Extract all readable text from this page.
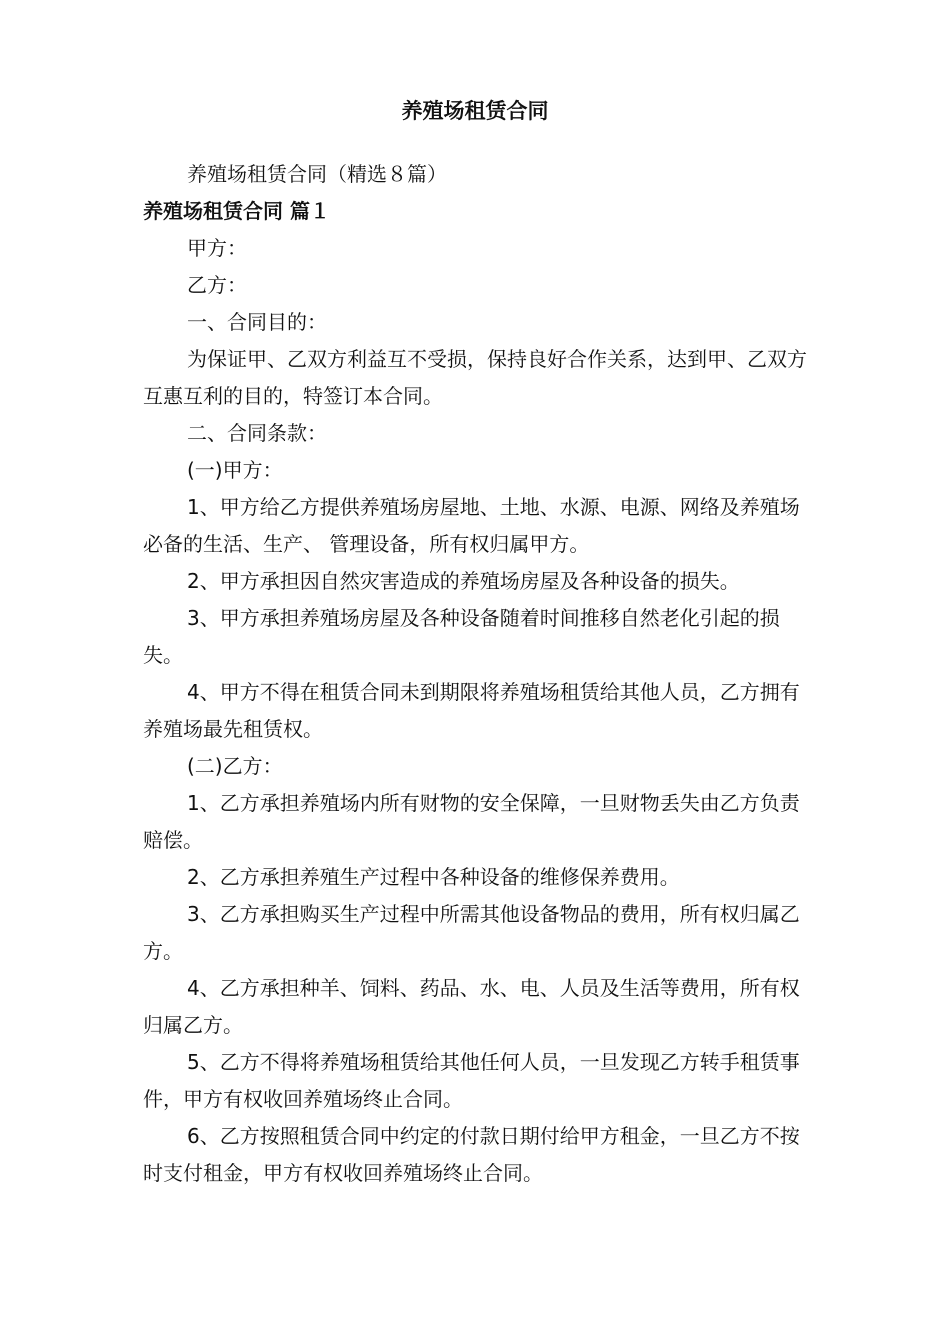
养殖场租赁合同

养殖场租赁合同（精选８篇）

养殖场租赁合同 篇１

甲方：

乙方：

一、合同目的：

为保证甲、乙双方利益互不受损，保持良好合作关系，达到甲、乙双方互惠互利的目的，特签订本合同。

二、合同条款：

(一)甲方：

1、甲方给乙方提供养殖场房屋地、土地、水源、电源、网络及养殖场必备的生活、生产、 管理设备，所有权归属甲方。

2、甲方承担因自然灾害造成的养殖场房屋及各种设备的损失。

3、甲方承担养殖场房屋及各种设备随着时间推移自然老化引起的损失。

4、甲方不得在租赁合同未到期限将养殖场租赁给其他人员，乙方拥有养殖场最先租赁权。

(二)乙方：

1、乙方承担养殖场内所有财物的安全保障，一旦财物丢失由乙方负责赔偿。

2、乙方承担养殖生产过程中各种设备的维修保养费用。

3、乙方承担购买生产过程中所需其他设备物品的费用，所有权归属乙方。

4、乙方承担种羊、饲料、药品、水、电、人员及生活等费用，所有权归属乙方。

5、乙方不得将养殖场租赁给其他任何人员，一旦发现乙方转手租赁事件，甲方有权收回养殖场终止合同。

6、乙方按照租赁合同中约定的付款日期付给甲方租金，一旦乙方不按时支付租金，甲方有权收回养殖场终止合同。
